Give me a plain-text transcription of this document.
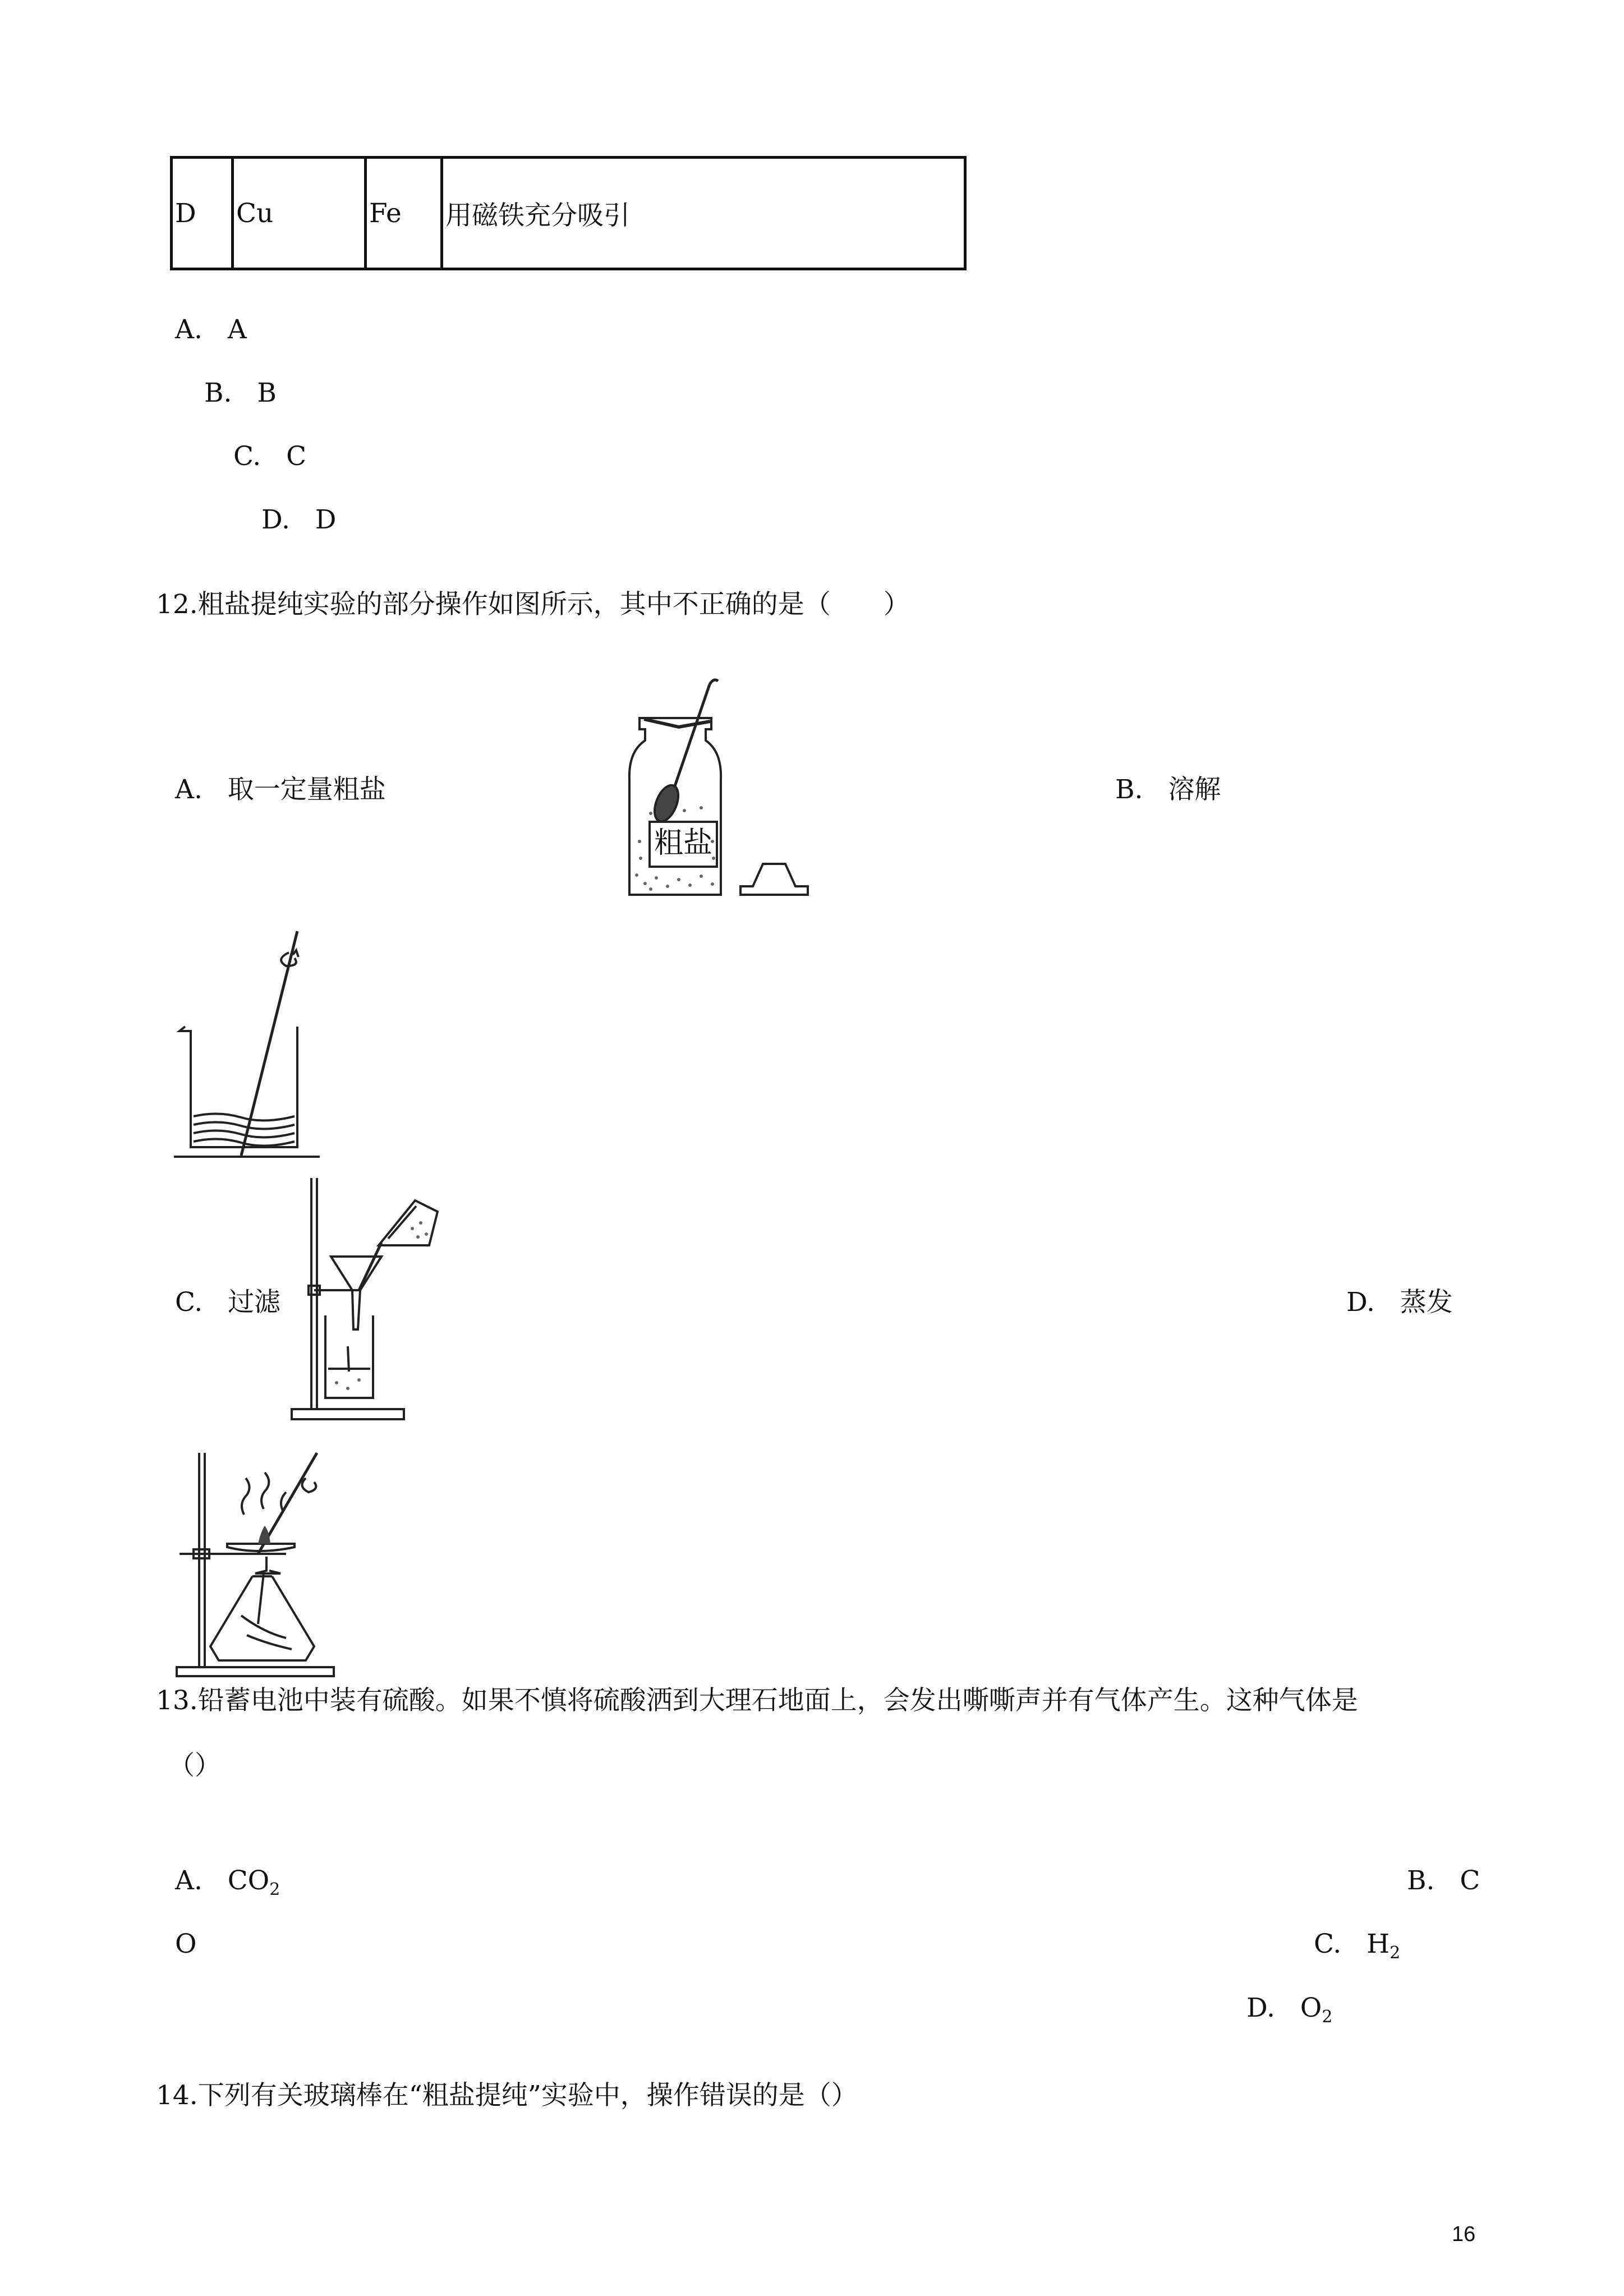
D	Cu	Fe	用磁铁充分吸引
A. A
B. B
C. C
D. D
12.粗盐提纯实验的部分操作如图所示，其中不正确的是（　　）
A. 取一定量粗盐
粗盐
B. 溶解
C. 过滤	D. 蒸发
13.铅蓄电池中装有硫酸。如果不慎将硫酸洒到大理石地面上，会发出嘶嘶声并有气体产生。这种气体是
（）
A. $CO_2$	B. C
O	C. $H_2$
D. $O_2$
14.下列有关玻璃棒在“粗盐提纯”实验中，操作错误的是（）
16
